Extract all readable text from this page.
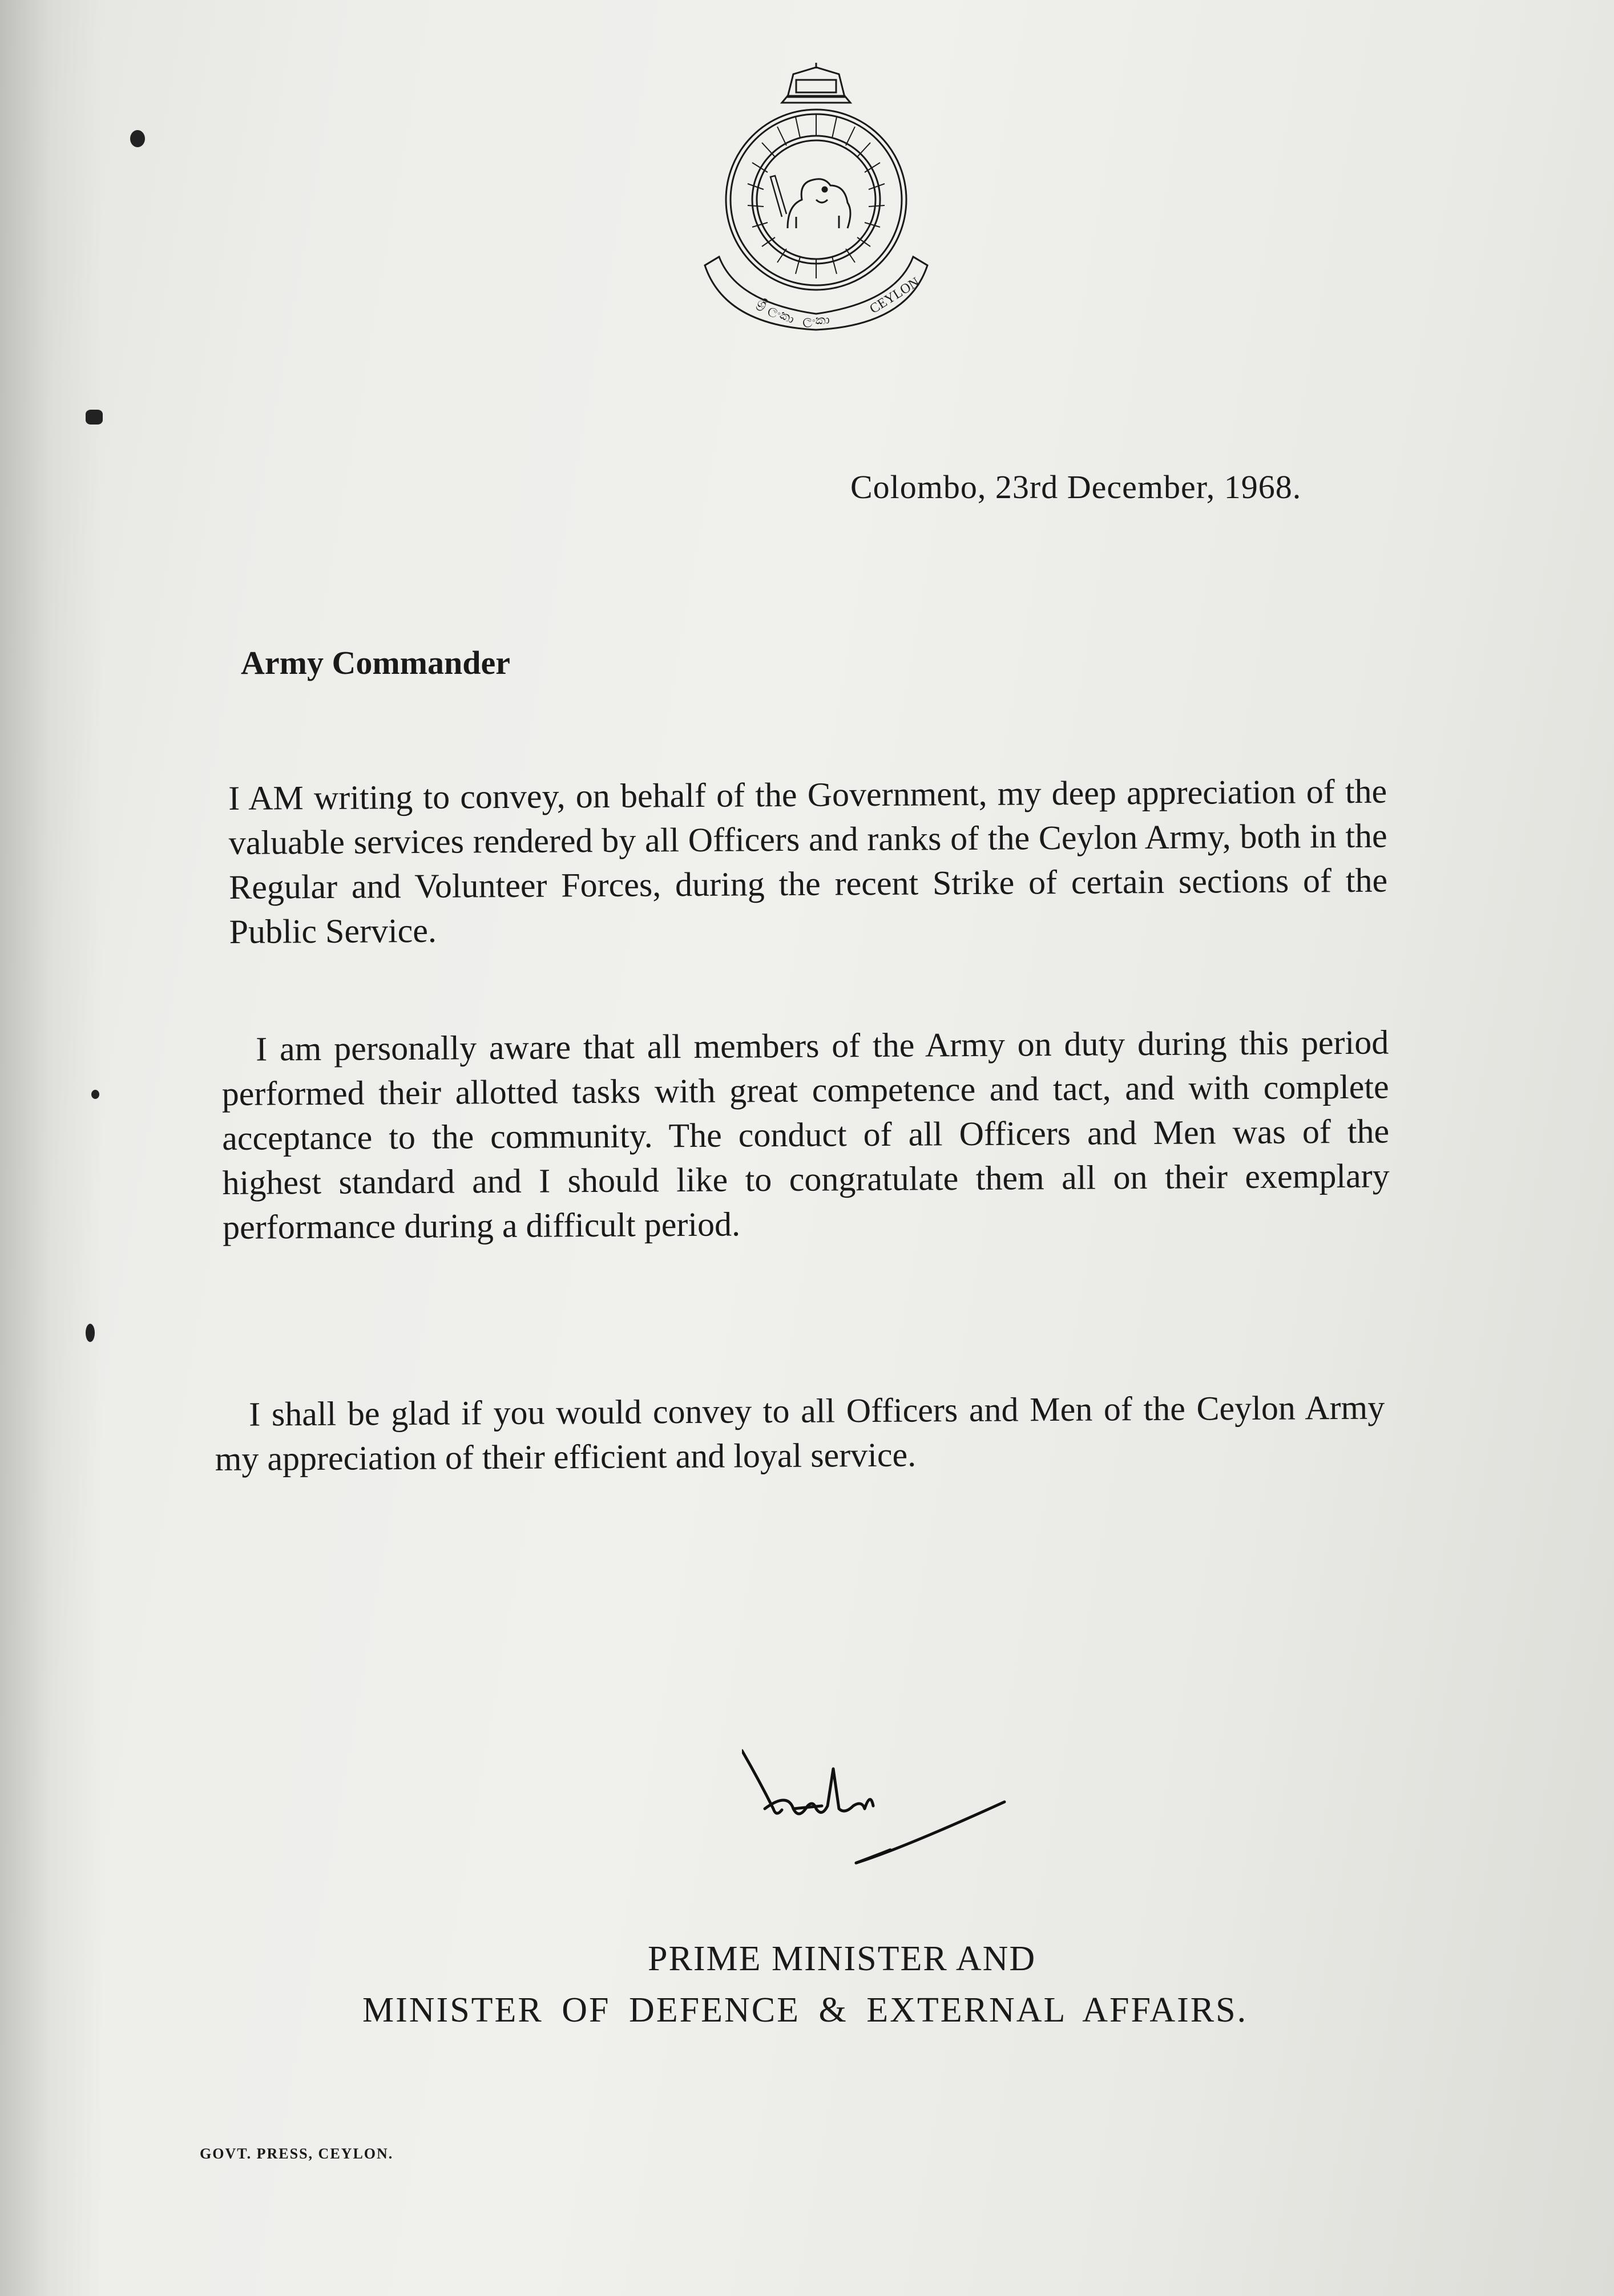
ශ්‍රී ලංකා ලංකා
CEYLON
Colombo, 23rd December, 1968.
Army Commander
I AM writing to convey, on behalf of the Government, my deep appreciation of the valuable services rendered by all Officers and ranks of the Ceylon Army, both in the Regular and Volunteer Forces, during the recent Strike of certain sections of the Public Service.
I am personally aware that all members of the Army on duty during this period performed their allotted tasks with great competence and tact, and with complete acceptance to the community. The conduct of all Officers and Men was of the highest standard and I should like to congratulate them all on their exemplary performance during a difficult period.
I shall be glad if you would convey to all Officers and Men of the Ceylon Army my appreciation of their efficient and loyal service.
PRIME MINISTER AND
MINISTER OF DEFENCE & EXTERNAL AFFAIRS.
GOVT. PRESS, CEYLON.
